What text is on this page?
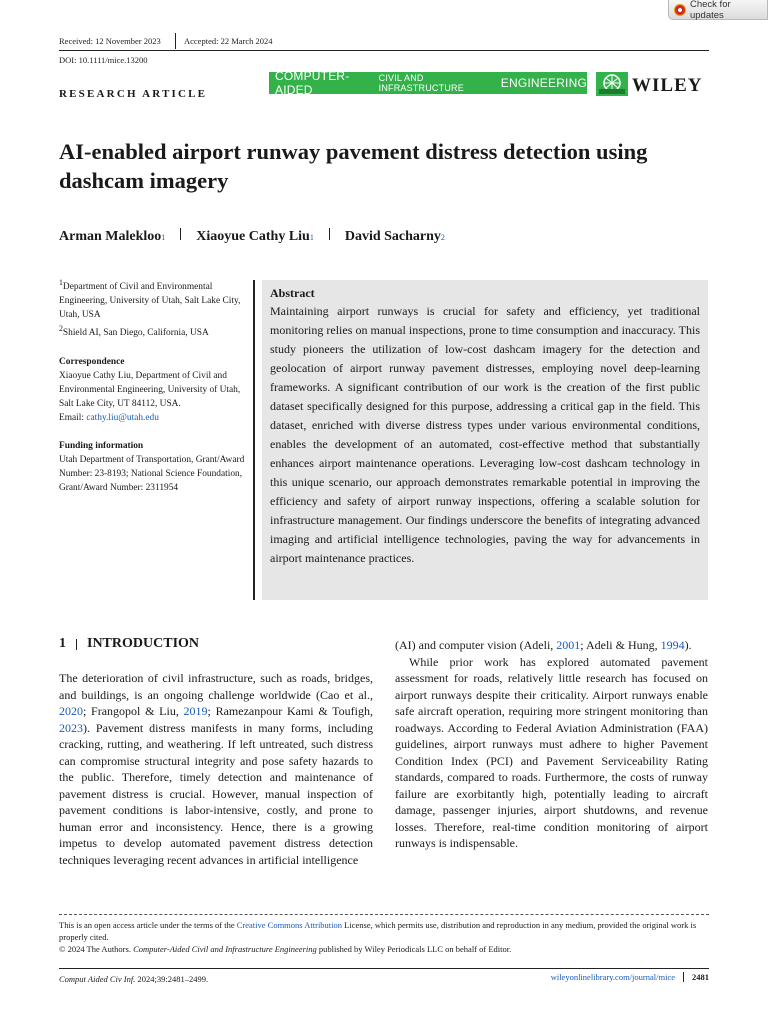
Check for updates
Received: 12 November 2023	Accepted: 22 March 2024
DOI: 10.1111/mice.13200
RESEARCH ARTICLE
COMPUTER-AIDED
CIVIL AND INFRASTRUCTURE	ENGINEERING WILEY
AI-enabled airport runway pavement distress detection using dashcam imagery
Arman Malekloo 1 Xiaoyue Cathy Liu 1 David Sacharny 2

$^1$Department of Civil and Environmental Engineering, University of Utah, Salt Lake City, Utah, USA

$^2$Shield AI, San Diego, California, USA

Correspondence

Xiaoyue Cathy Liu, Department of Civil and Environmental Engineering, University of Utah, Salt Lake City, UT 84112, USA.

Email: cathy.liu@utah.edu

Funding information

Utah Department of Transportation, Grant/Award Number: 23-8193; National Science Foundation, Grant/Award Number: 2311954

Abstract
Maintaining airport runways is crucial for safety and efficiency, yet traditional monitoring relies on manual inspections, prone to time consumption and inaccuracy. This study pioneers the utilization of low-cost dashcam imagery for the detection and geolocation of airport runway pavement distresses, employing novel deep-learning frameworks. A significant contribution of our work is the creation of the first public dataset specifically designed for this purpose, addressing a critical gap in the field. This dataset, enriched with diverse distress types under various environmental conditions, enables the development of an automated, cost-effective method that substantially enhances airport maintenance operations. Leveraging low-cost dashcam technology in this unique scenario, our approach demonstrates remarkable potential in improving the efficiency and safety of airport runway inspections, offering a scalable solution for infrastructure management. Our findings underscore the benefits of integrating advanced imaging and artificial intelligence technologies, paving the way for advancements in airport maintenance practices.
1 INTRODUCTION

The deterioration of civil infrastructure, such as roads, bridges, and buildings, is an ongoing challenge worldwide (Cao et al., 2020; Frangopol & Liu, 2019; Ramezanpour Kami & Toufigh, 2023). Pavement distress manifests in many forms, including cracking, rutting, and weathering. If left untreated, such distress can compromise structural integrity and pose safety hazards to the public. Therefore, timely detection and maintenance of pavement distress is crucial. However, manual inspection of pavement conditions is labor-intensive, costly, and prone to human error and inconsistency. Hence, there is a growing impetus to develop automated pavement distress detection techniques leveraging recent advances in artificial intelligence

(AI) and computer vision (Adeli, 2001; Adeli & Hung, 1994).

While prior work has explored automated pavement assessment for roads, relatively little research has focused on airport runways despite their criticality. Airport runways enable safe aircraft operation, requiring more stringent monitoring than roadways. According to Federal Aviation Administration (FAA) guidelines, airport runways must adhere to higher Pavement Condition Index (PCI) and Pavement Serviceability Rating standards, compared to roads. Furthermore, the costs of runway failure are exorbitantly high, potentially leading to aircraft damage, passenger injuries, airport shutdowns, and revenue losses. Therefore, real-time condition monitoring of airport runways is indispensable.

This is an open access article under the terms of the Creative Commons Attribution License, which permits use, distribution and reproduction in any medium, provided the original work is properly cited.

© 2024 The Authors. Computer-Aided Civil and Infrastructure Engineering published by Wiley Periodicals LLC on behalf of Editor.

Comput Aided Civ Inf. 2024;39:2481–2499.	wileyonlinelibrary.com/journal/mice 2481
